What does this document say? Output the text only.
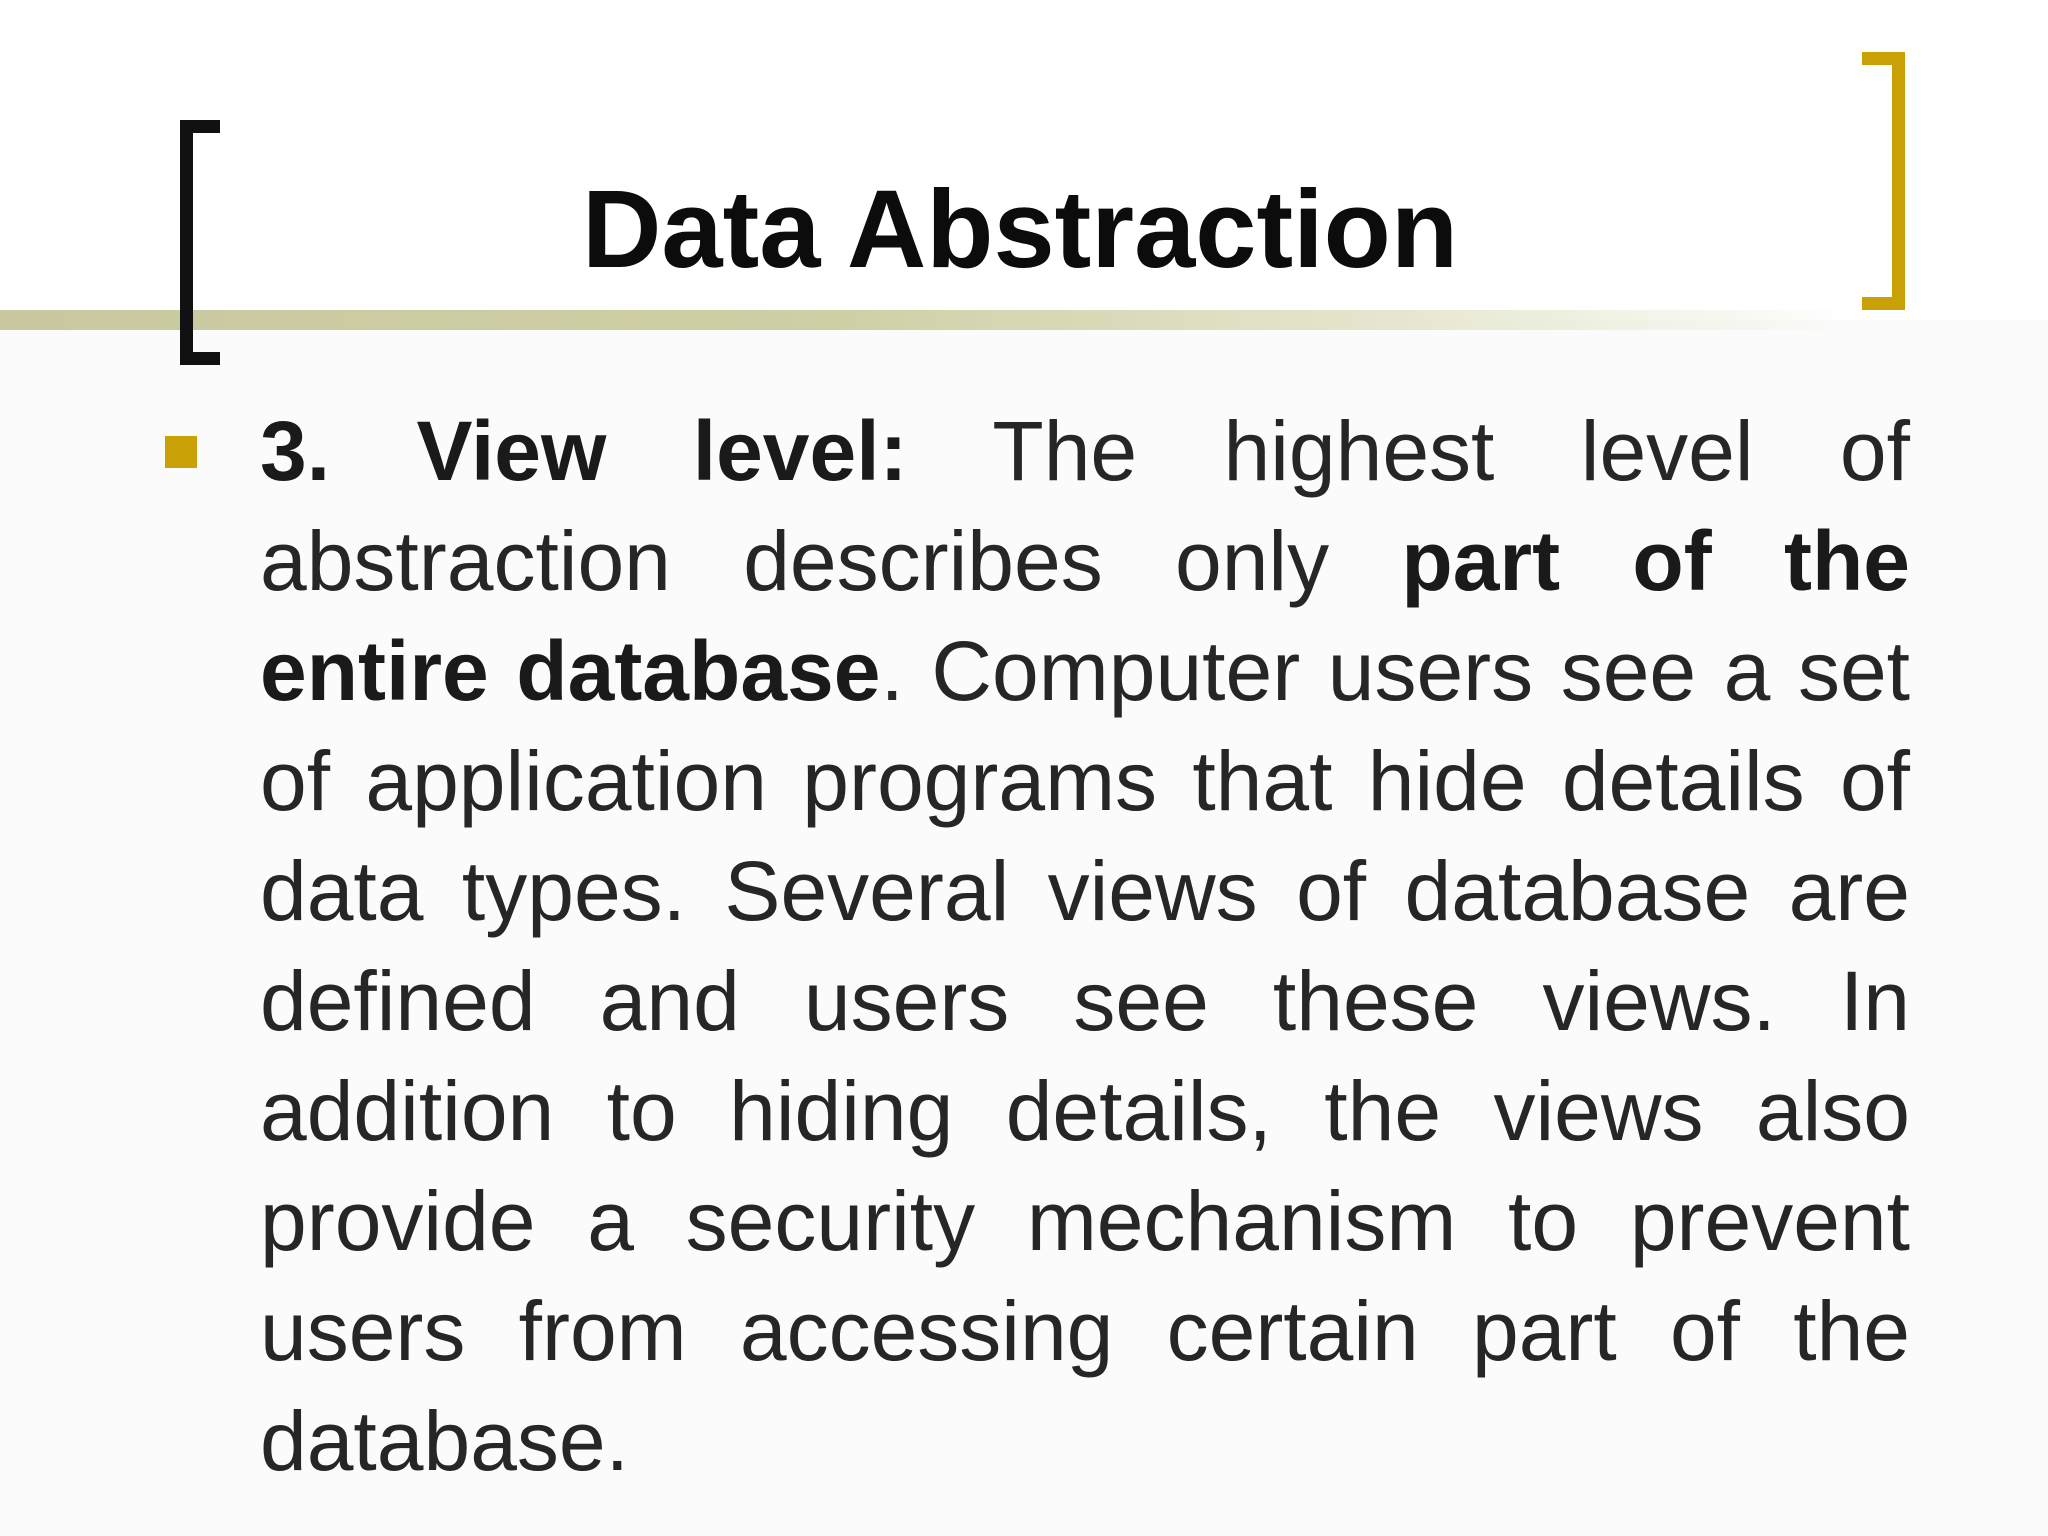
Data Abstraction

3. View level: The highest level of abstraction describes only part of the entire database. Computer users see a set of application programs that hide details of data types. Several views of database are defined and users see these views. In addition to hiding details, the views also provide a security mechanism to prevent users from accessing certain part of the database.
